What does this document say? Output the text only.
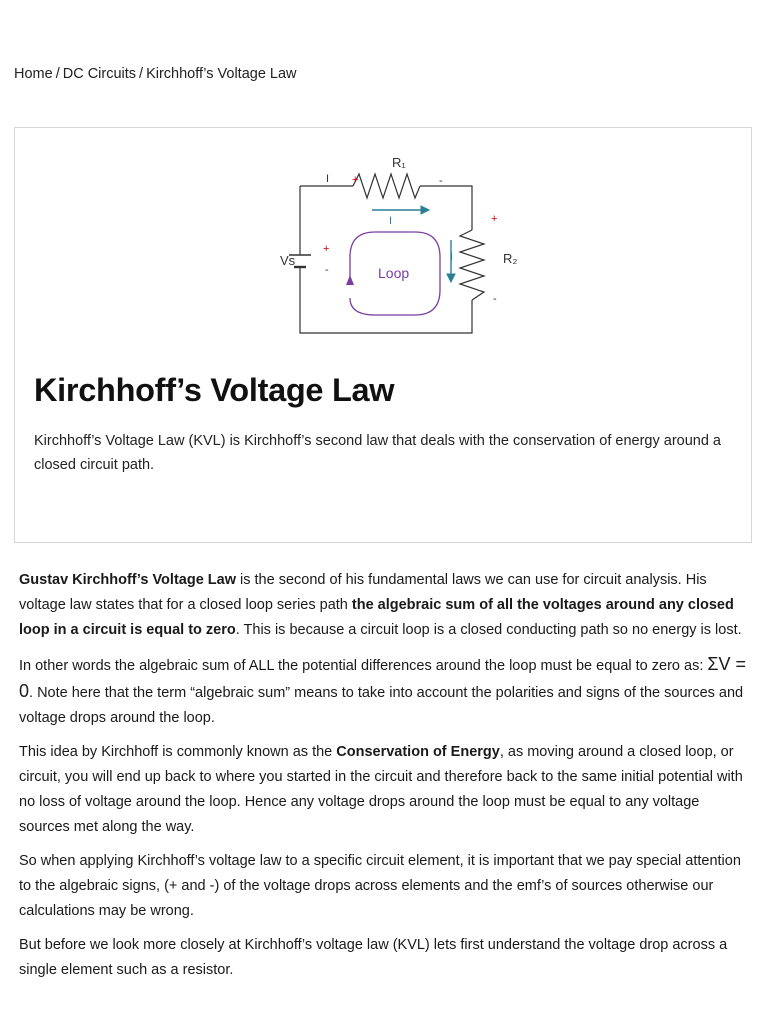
Home / DC Circuits / Kirchhoff’s Voltage Law
R₁
R₂
Vs
Loop
I
I
I
+	-
+
-
+
-
Kirchhoff’s Voltage Law

Kirchhoff’s Voltage Law (KVL) is Kirchhoff’s second law that deals with the conservation of energy around a closed circuit path.

Gustav Kirchhoff’s Voltage Law is the second of his fundamental laws we can use for circuit analysis. His voltage law states that for a closed loop series path the algebraic sum of all the voltages around any closed loop in a circuit is equal to zero. This is because a circuit loop is a closed conducting path so no energy is lost.

In other words the algebraic sum of ALL the potential differences around the loop must be equal to zero as: ΣV = 0. Note here that the term “algebraic sum” means to take into account the polarities and signs of the sources and voltage drops around the loop.

This idea by Kirchhoff is commonly known as the Conservation of Energy, as moving around a closed loop, or circuit, you will end up back to where you started in the circuit and therefore back to the same initial potential with no loss of voltage around the loop. Hence any voltage drops around the loop must be equal to any voltage sources met along the way.

So when applying Kirchhoff’s voltage law to a specific circuit element, it is important that we pay special attention to the algebraic signs, (+ and -) of the voltage drops across elements and the emf’s of sources otherwise our calculations may be wrong.

But before we look more closely at Kirchhoff’s voltage law (KVL) lets first understand the voltage drop across a single element such as a resistor.
